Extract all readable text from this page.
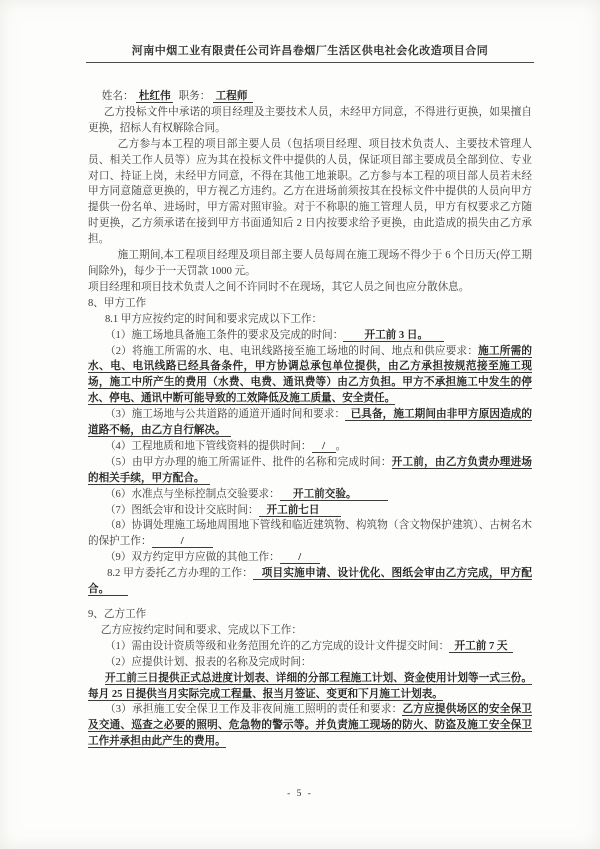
河南中烟工业有限责任公司许昌卷烟厂生活区供电社会化改造项目合同

姓名：  杜红伟   职务：  工程师

乙方投标文件中承诺的项目经理及主要技术人员，未经甲方同意，不得进行更换，如果擅自更换，招标人有权解除合同。

乙方参与本工程的项目部主要人员（包括项目经理、项目技术负责人、主要技术管理人员、相关工作人员等）应为其在投标文件中提供的人员，保证项目部主要成员全部到位、专业对口、持证上岗，未经甲方同意，不得在其他工地兼职。乙方参与本工程的项目部人员若未经甲方同意随意更换的，甲方视乙方违约。乙方在进场前须按其在投标文件中提供的人员向甲方提供一份名单、进场时，甲方需对照审验。对于不称职的施工管理人员，甲方有权要求乙方随时更换，乙方须承诺在接到甲方书面通知后 2 日内按要求给予更换，由此造成的损失由乙方承担。

施工期间,本工程项目经理及项目部主要人员每周在施工现场不得少于 6 个日历天(停工期间除外)，每少于一天罚款 1000 元。

项目经理和项目技术负责人之间不许同时不在现场，其它人员之间也应分散休息。

8、甲方工作

8.1 甲方应按约定的时间和要求完成以下工作：

（1）施工场地具备施工条件的要求及完成的时间：        开工前 3 日。

（2）将施工所需的水、电、电讯线路接至施工场地的时间、地点和供应要求：施工所需的水、电、电讯线路已经具备条件，甲方协调总承包单位提供，由乙方承担按规范接至施工现场，施工中所产生的费用（水费、电费、通讯费等）由乙方负担。甲方不承担施工中发生的停水、停电、通讯中断可能导致的工效降低及施工质量、安全责任。

（3）施工场地与公共道路的通道开通时间和要求：  已具备，施工期间由非甲方原因造成的道路不畅，由乙方自行解决。

（4）工程地质和地下管线资料的提供时间：    /    。

（5）由甲方办理的施工所需证件、批件的名称和完成时间：开工前，由乙方负责办理进场的相关手续，甲方配合。

（6）水准点与坐标控制点交验要求：     开工前交验。

（7）图纸会审和设计交底时间：   开工前七日

（8）协调处理施工场地周围地下管线和临近建筑物、构筑物（含文物保护建筑）、古树名木的保护工作：           /

（9）双方约定甲方应做的其他工作：       /

8.2 甲方委托乙方办理的工作：   项目实施申请、设计优化、图纸会审由乙方完成，甲方配合。

9、乙方工作

乙方应按约定时间和要求、完成以下工作：

（1）需由设计资质等级和业务范围允许的乙方完成的设计文件提交时间：  开工前 7 天

（2）应提供计划、报表的名称及完成时间：

开工前三日提供正式总进度计划表、详细的分部工程施工计划、资金使用计划等一式三份。每月 25 日提供当月实际完成工程量、报当月签证、变更和下月施工计划表。

（3）承担施工安全保卫工作及非夜间施工照明的责任和要求：乙方应提供场区的安全保卫及交通、巡查之必要的照明、危急物的警示等。并负责施工现场的防火、防盗及施工安全保卫工作并承担由此产生的费用。

- 5 -
